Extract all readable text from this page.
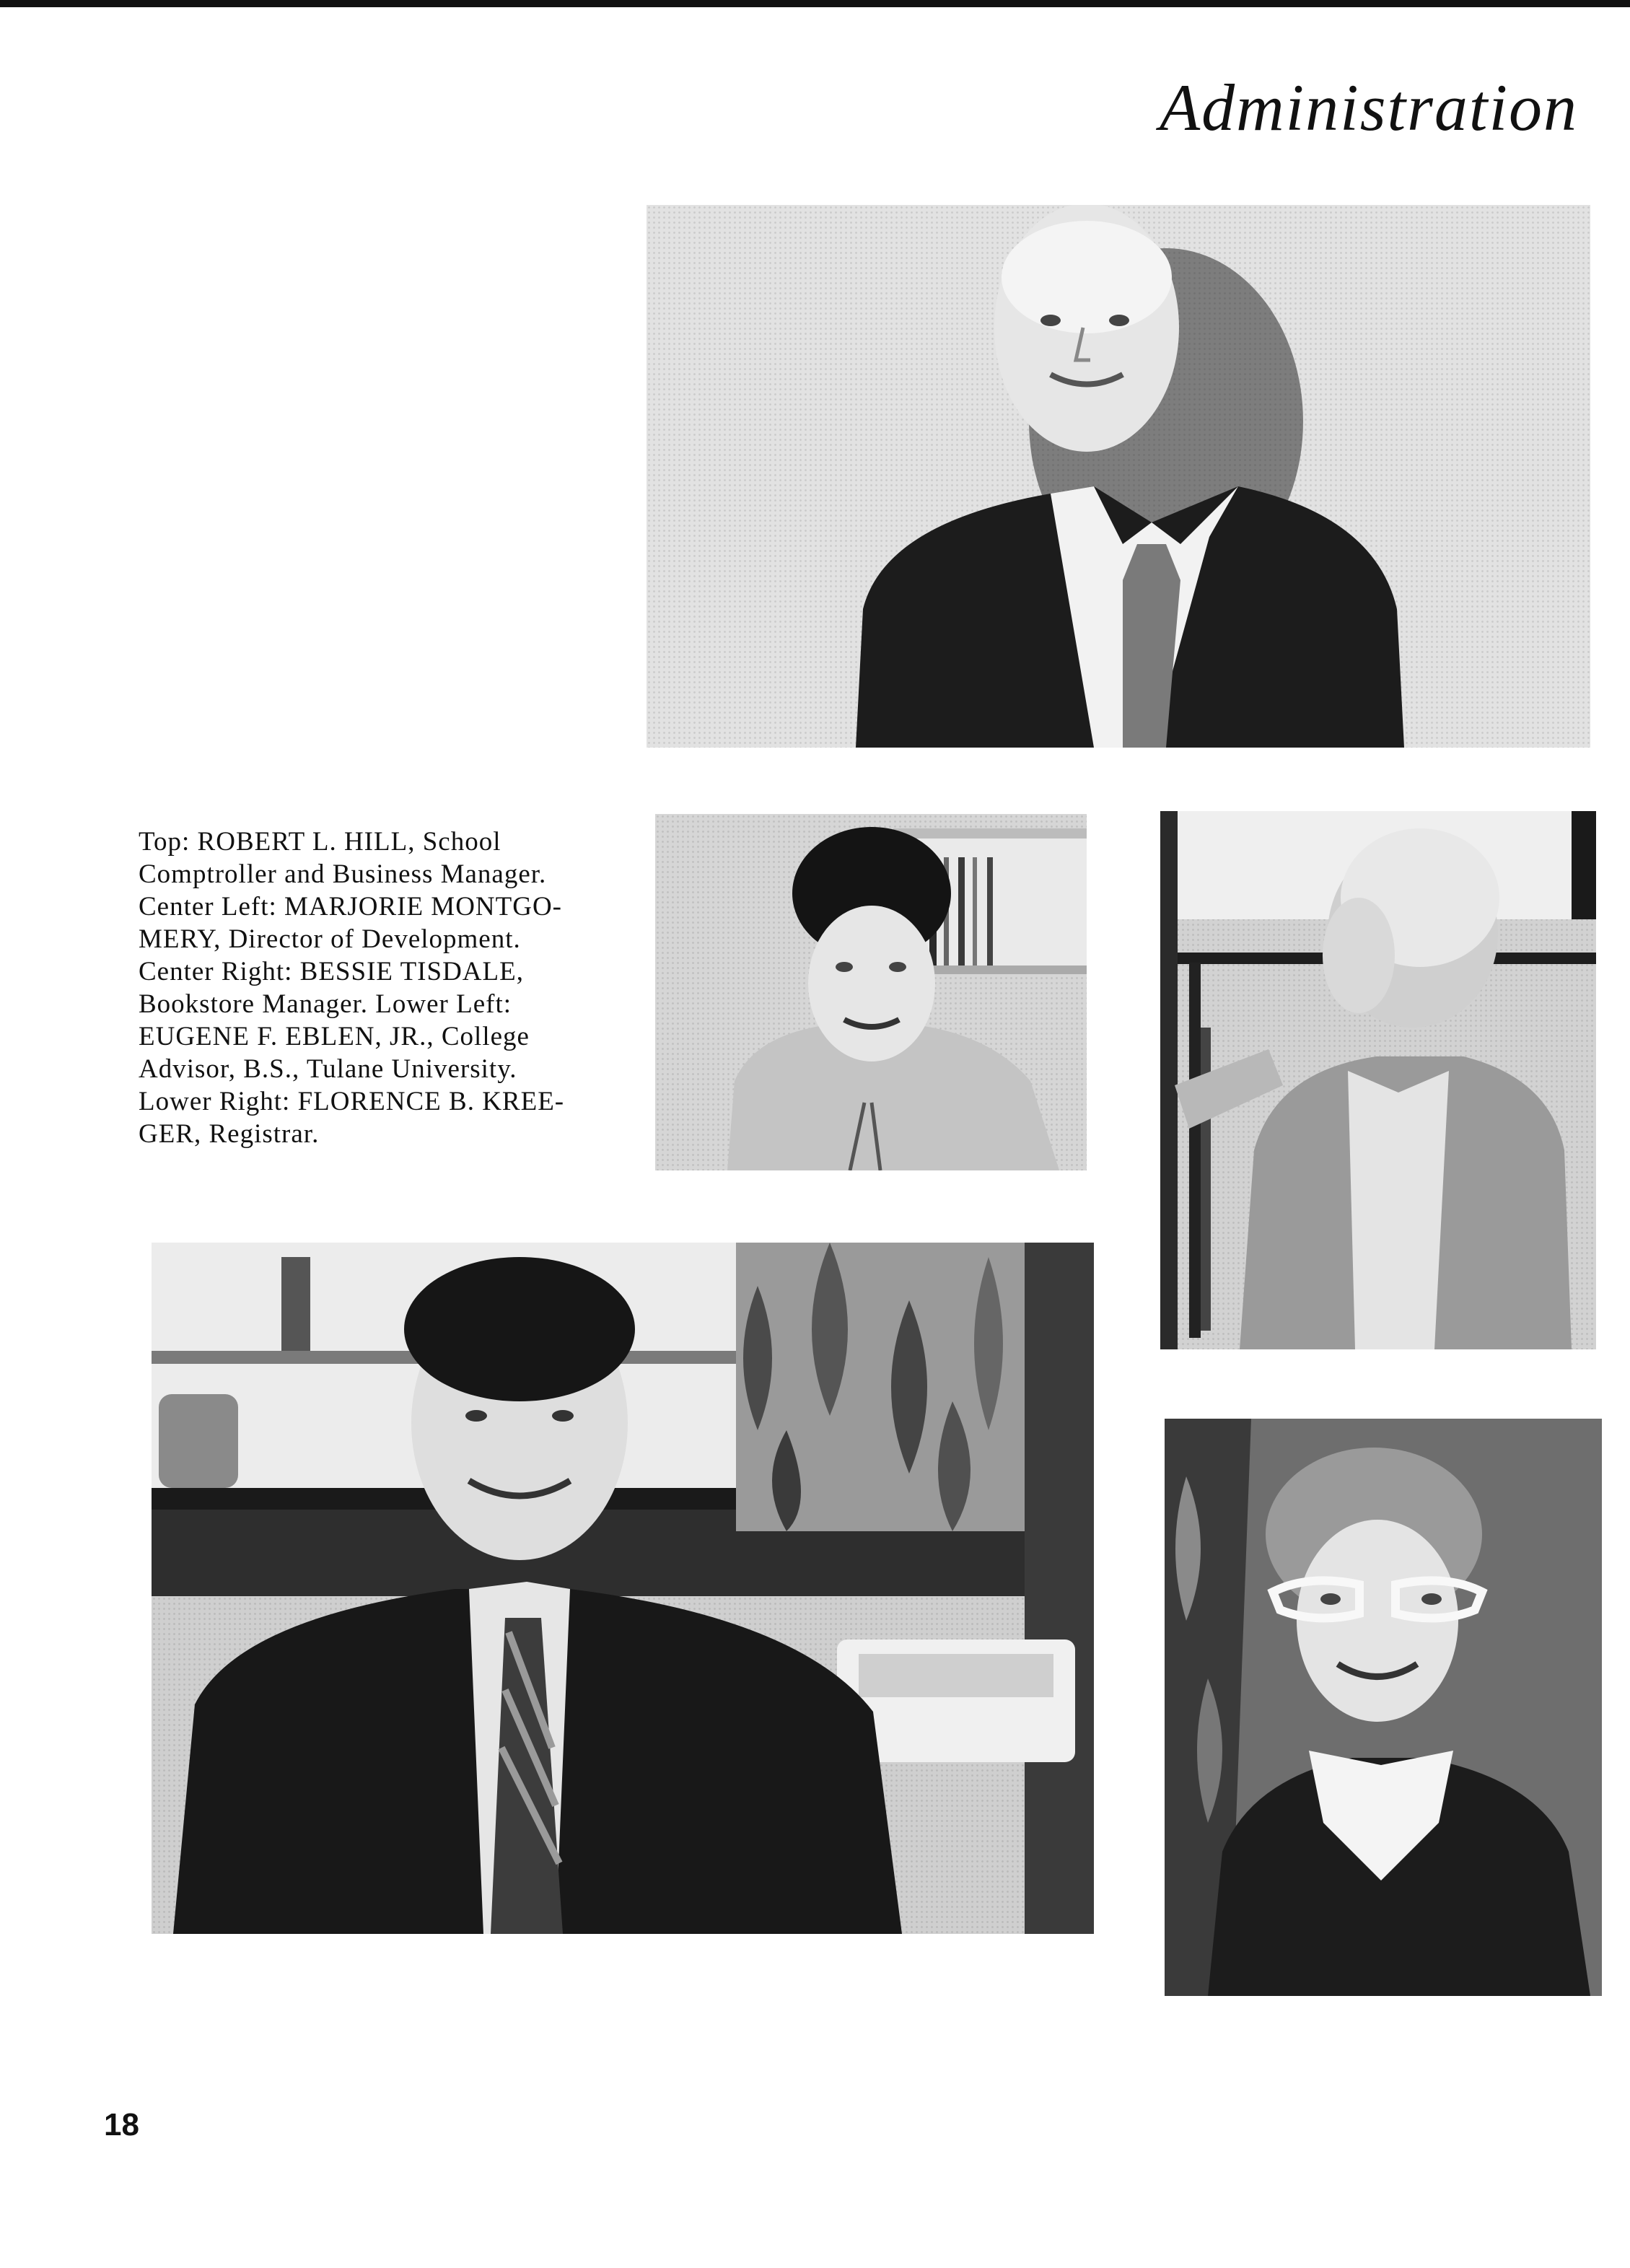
Administration
Top: ROBERT L. HILL, School
Comptroller and Business Manager.
Center Left: MARJORIE MONTGO-
MERY, Director of Development.
Center Right: BESSIE TISDALE,
Bookstore Manager. Lower Left:
EUGENE F. EBLEN, JR., College
Advisor, B.S., Tulane University.
Lower Right: FLORENCE B. KREE-
GER, Registrar.
18
